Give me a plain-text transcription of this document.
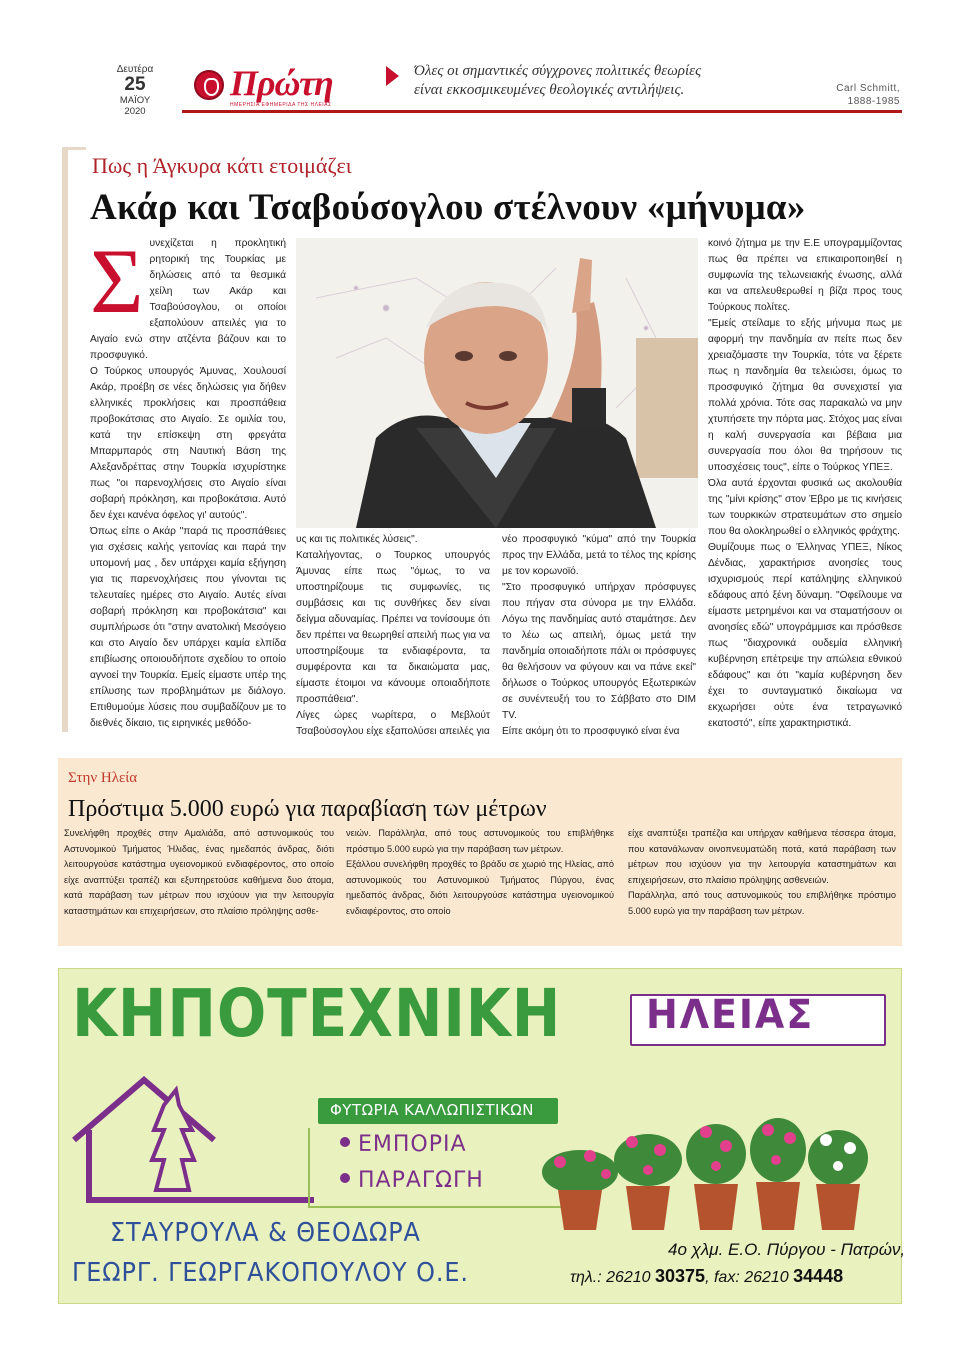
Δευτέρα
25
ΜΑΪΟΥ
2020
Πρώτη
ΗΜΕΡΗΣΙΑ ΕΦΗΜΕΡΙΔΑ ΤΗΣ ΗΛΕΙΑΣ
Όλες οι σημαντικές σύγχρονες πολιτικές θεωρίες
είναι εκκοσμικευμένες θεολογικές αντιλήψεις.	Carl Schmitt,
1888-1985
Πως η Άγκυρα κάτι ετοιμάζει
Ακάρ και Τσαβούσογλου στέλνουν «μήνυμα»
Σ υνεχίζεται η προκλητική ρητορική της Τουρκίας με δηλώσεις από τα θεσμικά χείλη των Ακάρ και Τσαβούσογλου, οι οποίοι εξαπολύουν απειλές για το Αιγαίο ενώ στην ατζέντα βάζουν και το προσφυγικό.

Ο Τούρκος υπουργός Άμυνας, Χουλουσί Ακάρ, προέβη σε νέες δηλώσεις για δήθεν ελληνικές προκλήσεις και προσπάθεια προβοκάτσιας στο Αιγαίο. Σε ομιλία του, κατά την επίσκεψη στη φρεγάτα Μπαρμπαρός στη Ναυτική Βάση της Αλεξανδρέττας στην Τουρκία ισχυρίστηκε πως "οι παρενοχλήσεις στο Αιγαίο είναι σοβαρή πρόκληση, και προβοκάτσια. Αυτό δεν έχει κανένα όφελος γι' αυτούς".

Όπως είπε ο Ακάρ "παρά τις προσπάθειες για σχέσεις καλής γειτονίας και παρά την υπομονή μας , δεν υπάρχει καμία εξήγηση για τις παρενοχλήσεις που γίνονται τις τελευταίες ημέρες στο Αιγαίο. Αυτές είναι σοβαρή πρόκληση και προβοκάτσια" και συμπλήρωσε ότι "στην ανατολική Μεσόγειο και στο Αιγαίο δεν υπάρχει καμία ελπίδα επιβίωσης οποιουδήποτε σχεδίου το οποίο αγνοεί την Τουρκία. Εμείς είμαστε υπέρ της επίλυσης των προβλημάτων με διάλογο. Επιθυμούμε λύσεις που συμβαδίζουν με το διεθνές δίκαιο, τις ειρηνικές μεθόδο-

υς και τις πολιτικές λύσεις".

Καταλήγοντας, ο Τουρκος υπουργός Άμυνας είπε πως "όμως, το να υποστηρίζουμε τις συμφωνίες, τις συμβάσεις και τις συνθήκες δεν είναι δείγμα αδυναμίας. Πρέπει να τονίσουμε ότι δεν πρέπει να θεωρηθεί απειλή πως για να υποστηρίξουμε τα ενδιαφέροντα, τα συμφέροντα και τα δικαιώματα μας, είμαστε έτοιμοι να κάνουμε οποιαδήποτε προσπάθεια".

Λίγες ώρες νωρίτερα, ο Μεβλούτ Τσαβούσογλου είχε εξαπολύσει απειλές για

νέο προσφυγικό "κύμα" από την Τουρκία προς την Ελλάδα, μετά το τέλος της κρίσης με τον κορωνοϊό.

"Στο προσφυγικό υπήρχαν πρόσφυγες που πήγαν στα σύνορα με την Ελλάδα. Λόγω της πανδημίας αυτό σταμάτησε. Δεν το λέω ως απειλή, όμως μετά την πανδημία οποιαδήποτε πάλι οι πρόσφυγες θα θελήσουν να φύγουν και να πάνε εκεί" δήλωσε ο Τούρκος υπουργός Εξωτερικών σε συνέντευξή του το Σάββατο στο DIM TV.

Είπε ακόμη ότι το προσφυγικό είναι ένα

κοινό ζήτημα με την Ε.Ε υπογραμμίζοντας πως θα πρέπει να επικαιροποιηθεί η συμφωνία της τελωνειακής ένωσης, αλλά και να απελευθερωθεί η βίζα προς τους Τούρκους πολίτες.

"Εμείς στείλαμε το εξής μήνυμα πως με αφορμή την πανδημία αν πείτε πως δεν χρειαζόμαστε την Τουρκία, τότε να ξέρετε πως η πανδημία θα τελειώσει, όμως το προσφυγικό ζήτημα θα συνεχιστεί για πολλά χρόνια. Τότε σας παρακαλώ να μην χτυπήσετε την πόρτα μας. Στόχος μας είναι η καλή συνεργασία και βέβαια μια συνεργασία που όλοι θα τηρήσουν τις υποσχέσεις τους", είπε ο Τούρκος ΥΠΕΞ.

Όλα αυτά έρχονται φυσικά ως ακολουθία της "μίνι κρίσης" στον Έβρο με τις κινήσεις των τουρκικών στρατευμάτων στο σημείο που θα ολοκληρωθεί ο ελληνικός φράχτης.

Θυμίζουμε πως ο Έλληνας ΥΠΕΞ, Νίκος Δένδιας, χαρακτήρισε ανοησίες τους ισχυρισμούς περί κατάληψης ελληνικού εδάφους από ξένη δύναμη. "Οφείλουμε να είμαστε μετρημένοι και να σταματήσουν οι ανοησίες εδώ" υπογράμμισε και πρόσθεσε πως "διαχρονικά ουδεμία ελληνική κυβέρνηση επέτρεψε την απώλεια εθνικού εδάφους" και ότι "καμία κυβέρνηση δεν έχει το συνταγματικό δικαίωμα να εκχωρήσει ούτε ένα τετραγωνικό εκατοστό", είπε χαρακτηριστικά.

Στην Ηλεία
Πρόστιμα 5.000 ευρώ για παραβίαση των μέτρων
Συνελήφθη προχθές στην Αμαλιάδα, από αστυνομικούς του Αστυνομικού Τμήματος Ήλιδας, ένας ημεδαπός άνδρας, διότι λειτουργούσε κατάστημα υγειονομικού ενδιαφέροντος, στο οποίο είχε αναπτύξει τραπέζι και εξυπηρετούσε καθήμενα δυο άτομα, κατά παράβαση των μέτρων που ισχύουν για την λειτουργία καταστημάτων και επιχειρήσεων, στο πλαίσιο πρόληψης ασθε-
νειών. Παράλληλα, από τους αστυνομικούς του επιβλήθηκε πρόστιμο 5.000 ευρώ για την παράβαση των μέτρων.
Εξάλλου συνελήφθη προχθές το βράδυ σε χωριό της Ηλείας, από αστυνομικούς του Αστυνομικού Τμήματος Πύργου, ένας ημεδαπός άνδρας, διότι λειτουργούσε κατάστημα υγειονομικού ενδιαφέροντος, στο οποίο
είχε αναπτύξει τραπέζια και υπήρχαν καθήμενα τέσσερα άτομα, που κατανάλωναν οινοπνευματώδη ποτά, κατά παράβαση των μέτρων που ισχύουν για την λειτουργία καταστημάτων και επιχειρήσεων, στο πλαίσιο πρόληψης ασθενειών.
Παράλληλα, από τους αστυνομικούς του επιβλήθηκε πρόστιμο 5.000 ευρώ για την παράβαση των μέτρων.
ΚΗΠΟΤΕΧΝΙΚΗ ΗΛΕΙΑΣ
ΦΥΤΩΡΙΑ ΚΑΛΛΩΠΙΣΤΙΚΩΝ
ΕΜΠΟΡΙΑ
ΠΑΡΑΓΩΓΗ
ΣΤΑΥΡΟΥΛΑ & ΘΕΟΔΩΡΑ
ΓΕΩΡΓ. ΓΕΩΡΓΑΚΟΠΟΥΛΟΥ Ο.Ε.
4ο χλμ. Ε.Ο. Πύργου - Πατρών,
τηλ.: 26210 30375, fax: 26210 34448
